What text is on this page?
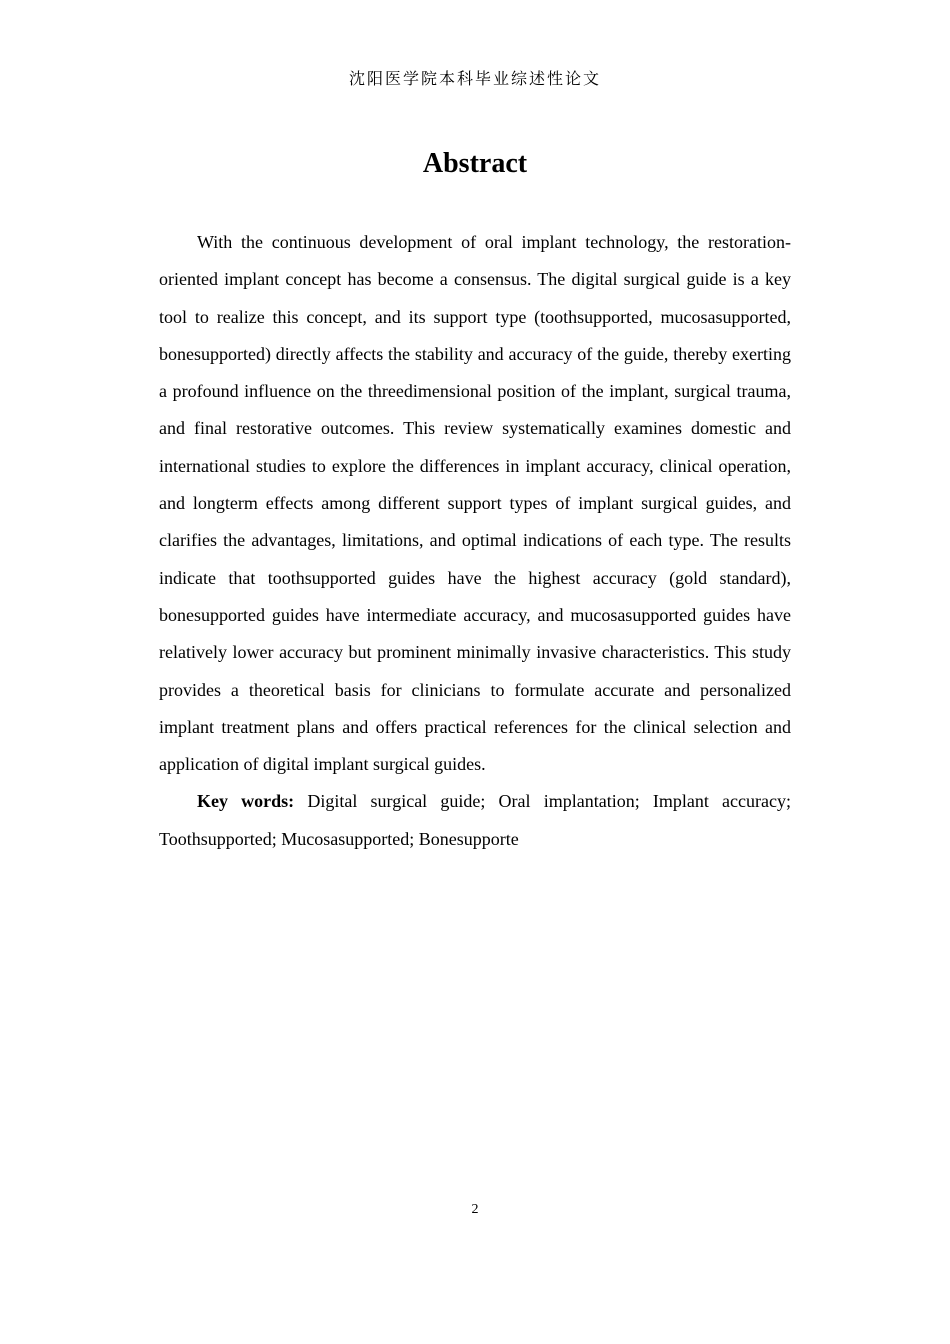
沈阳医学院本科毕业综述性论文
Abstract

With the continuous development of oral implant technology, the restoration-oriented implant concept has become a consensus. The digital surgical guide is a key tool to realize this concept, and its support type (toothsupported, mucosasupported, bonesupported) directly affects the stability and accuracy of the guide, thereby exerting a profound influence on the threedimensional position of the implant, surgical trauma, and final restorative outcomes. This review systematically examines domestic and international studies to explore the differences in implant accuracy, clinical operation, and longterm effects among different support types of implant surgical guides, and clarifies the advantages, limitations, and optimal indications of each type. The results indicate that toothsupported guides have the highest accuracy (gold standard), bonesupported guides have intermediate accuracy, and mucosasupported guides have relatively lower accuracy but prominent minimally invasive characteristics. This study provides a theoretical basis for clinicians to formulate accurate and personalized implant treatment plans and offers practical references for the clinical selection and application of digital implant surgical guides.

Key words: Digital surgical guide; Oral implantation; Implant accuracy; Toothsupported; Mucosasupported; Bonesupporte

2
